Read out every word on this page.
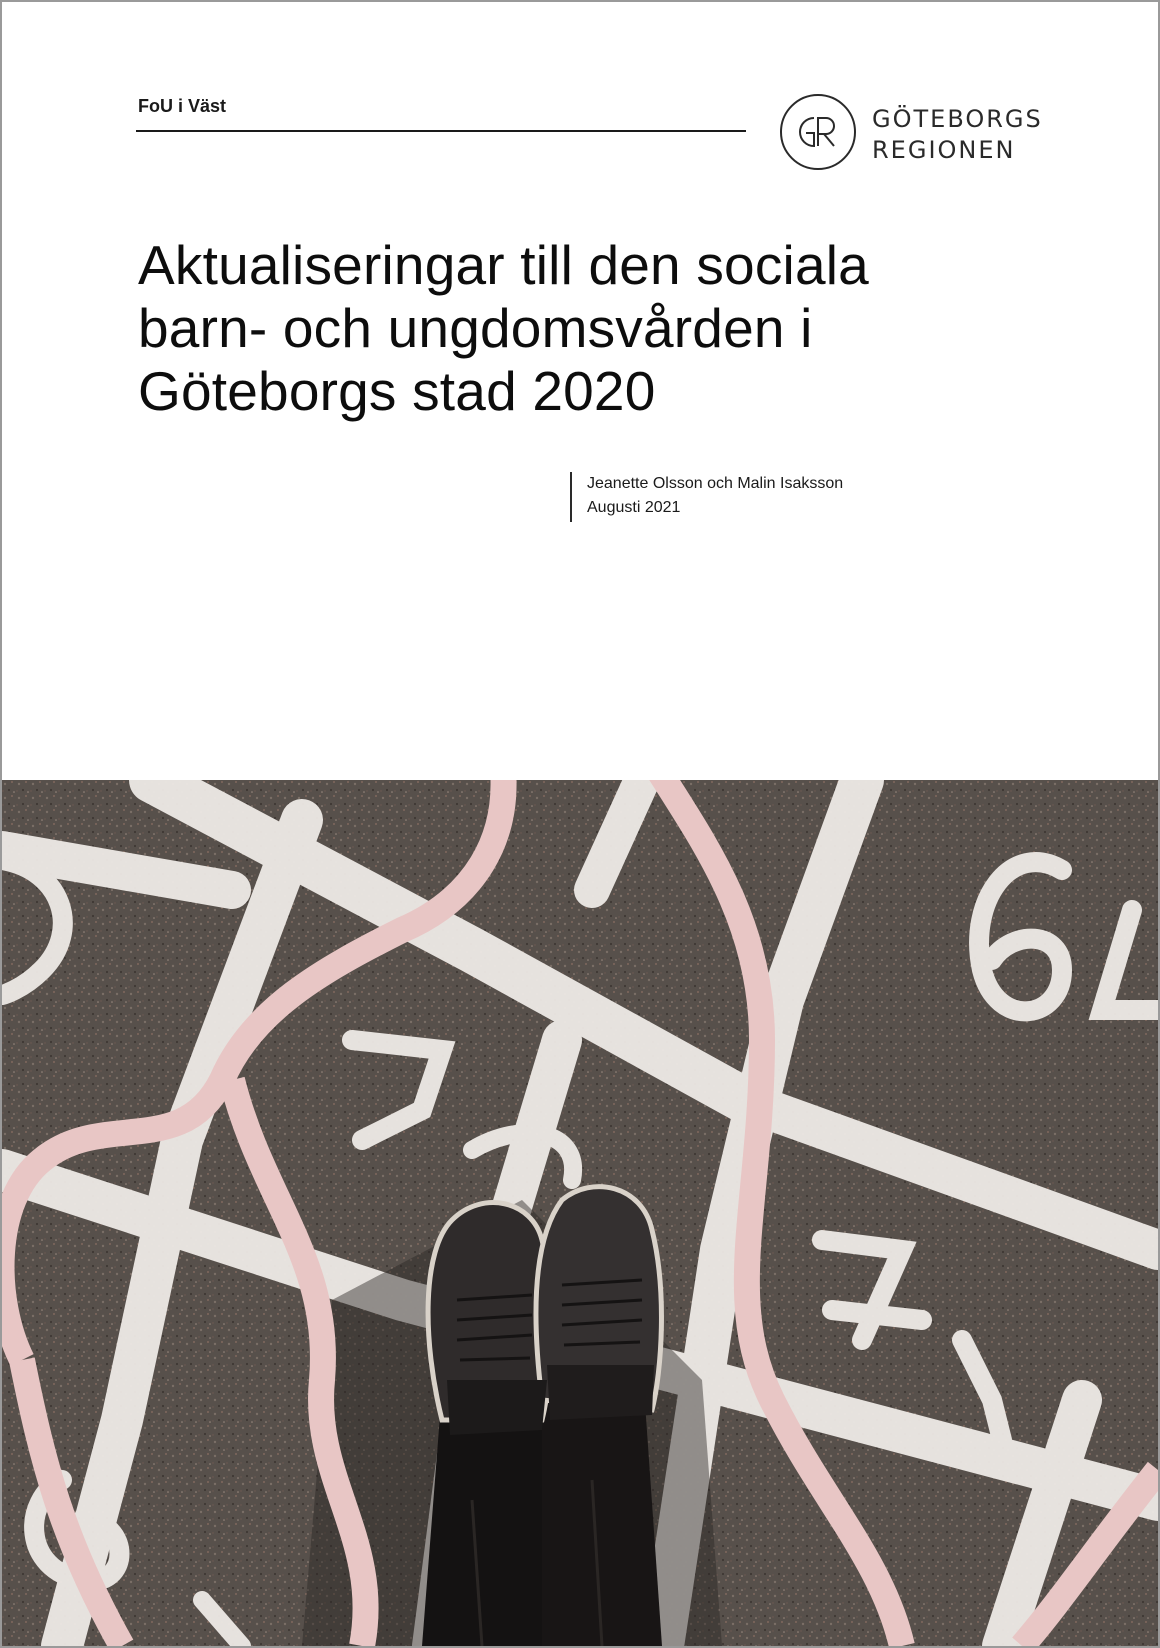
FoU i Väst	GÖTEBORGS
REGIONEN
Aktualiseringar till den sociala
barn- och ungdomsvården i
Göteborgs stad 2020
Jeanette Olsson och Malin Isaksson
Augusti 2021
